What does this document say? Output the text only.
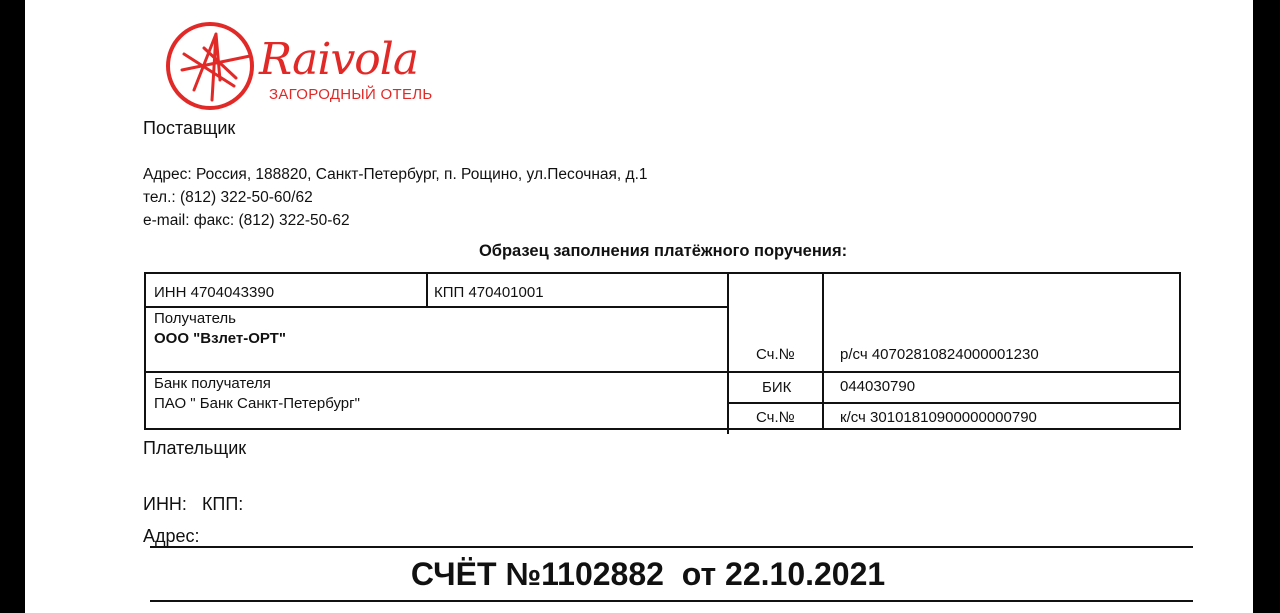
Raivola
ЗАГОРОДНЫЙ ОТЕЛЬ
Поставщик
Адрес: Россия, 188820, Санкт-Петербург, п. Рощино, ул.Песочная, д.1
тел.: (812) 322-50-60/62
e-mail: факс: (812) 322-50-62
Образец заполнения платёжного поручения:
ИНН 4704043390	КПП 470401001
Получатель
ООО "Взлет-ОРТ"
Сч.№	р/сч 40702810824000001230
Банк получателя
ПАО " Банк Санкт-Петербург"
БИК	044030790
Сч.№	к/сч 30101810900000000790
Плательщик
ИНН:   КПП:
Адрес:
СЧЁТ №1102882  от 22.10.2021
